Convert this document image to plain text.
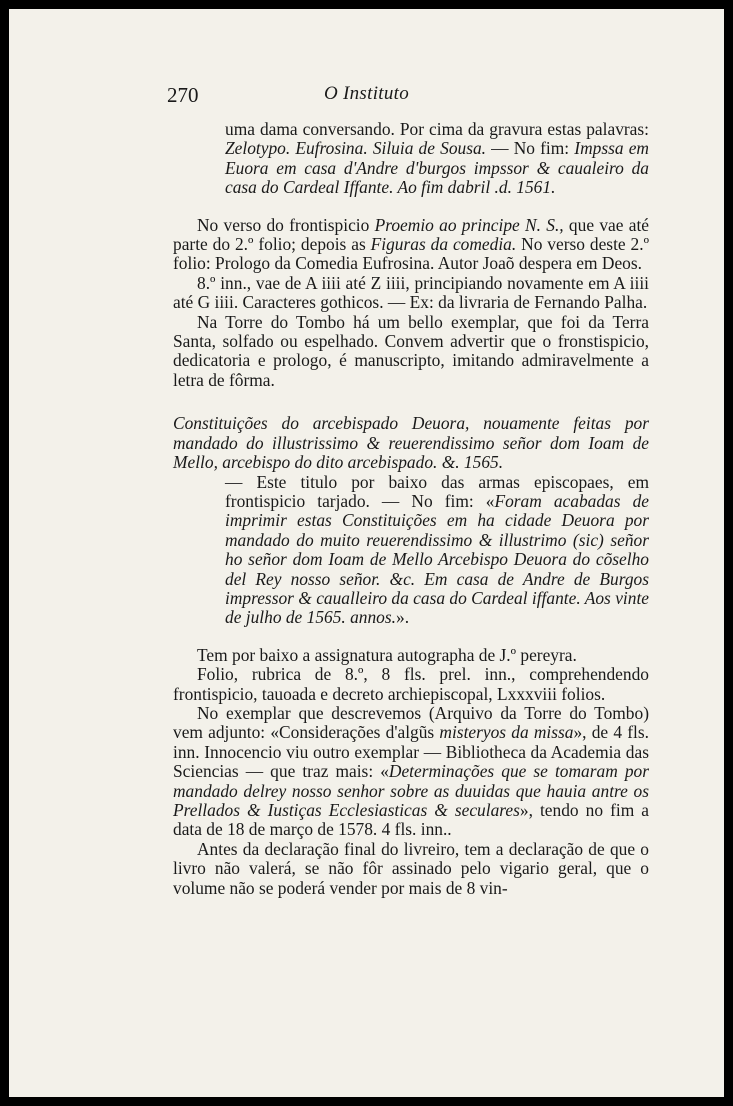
270	O Instituto

uma dama conversando. Por cima da gravura estas palavras: Zelotypo. Eufrosina. Siluia de Sousa. — No fim: Impssa em Euora em casa d'Andre d'burgos impssor & caualeiro da casa do Cardeal Iffante. Ao fim dabril .d. 1561.

No verso do frontispicio Proemio ao principe N. S., que vae até parte do 2.º folio; depois as Figuras da comedia. No verso deste 2.º folio: Prologo da Comedia Eufrosina. Autor Joaõ despera em Deos.

8.º inn., vae de A iiii até Z iiii, principiando novamente em A iiii até G iiii. Caracteres gothicos. — Ex: da livraria de Fernando Palha.

Na Torre do Tombo há um bello exemplar, que foi da Terra Santa, solfado ou espelhado. Convem advertir que o fronstispicio, dedicatoria e prologo, é manuscripto, imitando admiravelmente a letra de fôrma.

Constituições do arcebispado Deuora, nouamente feitas por mandado do illustrissimo & reuerendissimo señor dom Ioam de Mello, arcebispo do dito arcebispado. &. 1565.

— Este titulo por baixo das armas episcopaes, em frontispicio tarjado. — No fim: «Foram acabadas de imprimir estas Constituições em ha cidade Deuora por mandado do muito reuerendissimo & illustrimo (sic) señor ho señor dom Ioam de Mello Arcebispo Deuora do cõselho del Rey nosso señor. &c. Em casa de Andre de Burgos impressor & caualleiro da casa do Cardeal iffante. Aos vinte de julho de 1565. annos.».

Tem por baixo a assignatura autographa de J.º pereyra.

Folio, rubrica de 8.º, 8 fls. prel. inn., comprehendendo frontispicio, tauoada e decreto archiepiscopal, Lxxxviii folios.

No exemplar que descrevemos (Arquivo da Torre do Tombo) vem adjunto: «Considerações d'algũs misteryos da missa», de 4 fls. inn. Innocencio viu outro exemplar — Bibliotheca da Academia das Sciencias — que traz mais: «Determinações que se tomaram por mandado delrey nosso senhor sobre as duuidas que hauia antre os Prellados & Iustiças Ecclesiasticas & seculares», tendo no fim a data de 18 de março de 1578. 4 fls. inn..

Antes da declaração final do livreiro, tem a declaração de que o livro não valerá, se não fôr assinado pelo vigario geral, que o volume não se poderá vender por mais de 8 vin-
